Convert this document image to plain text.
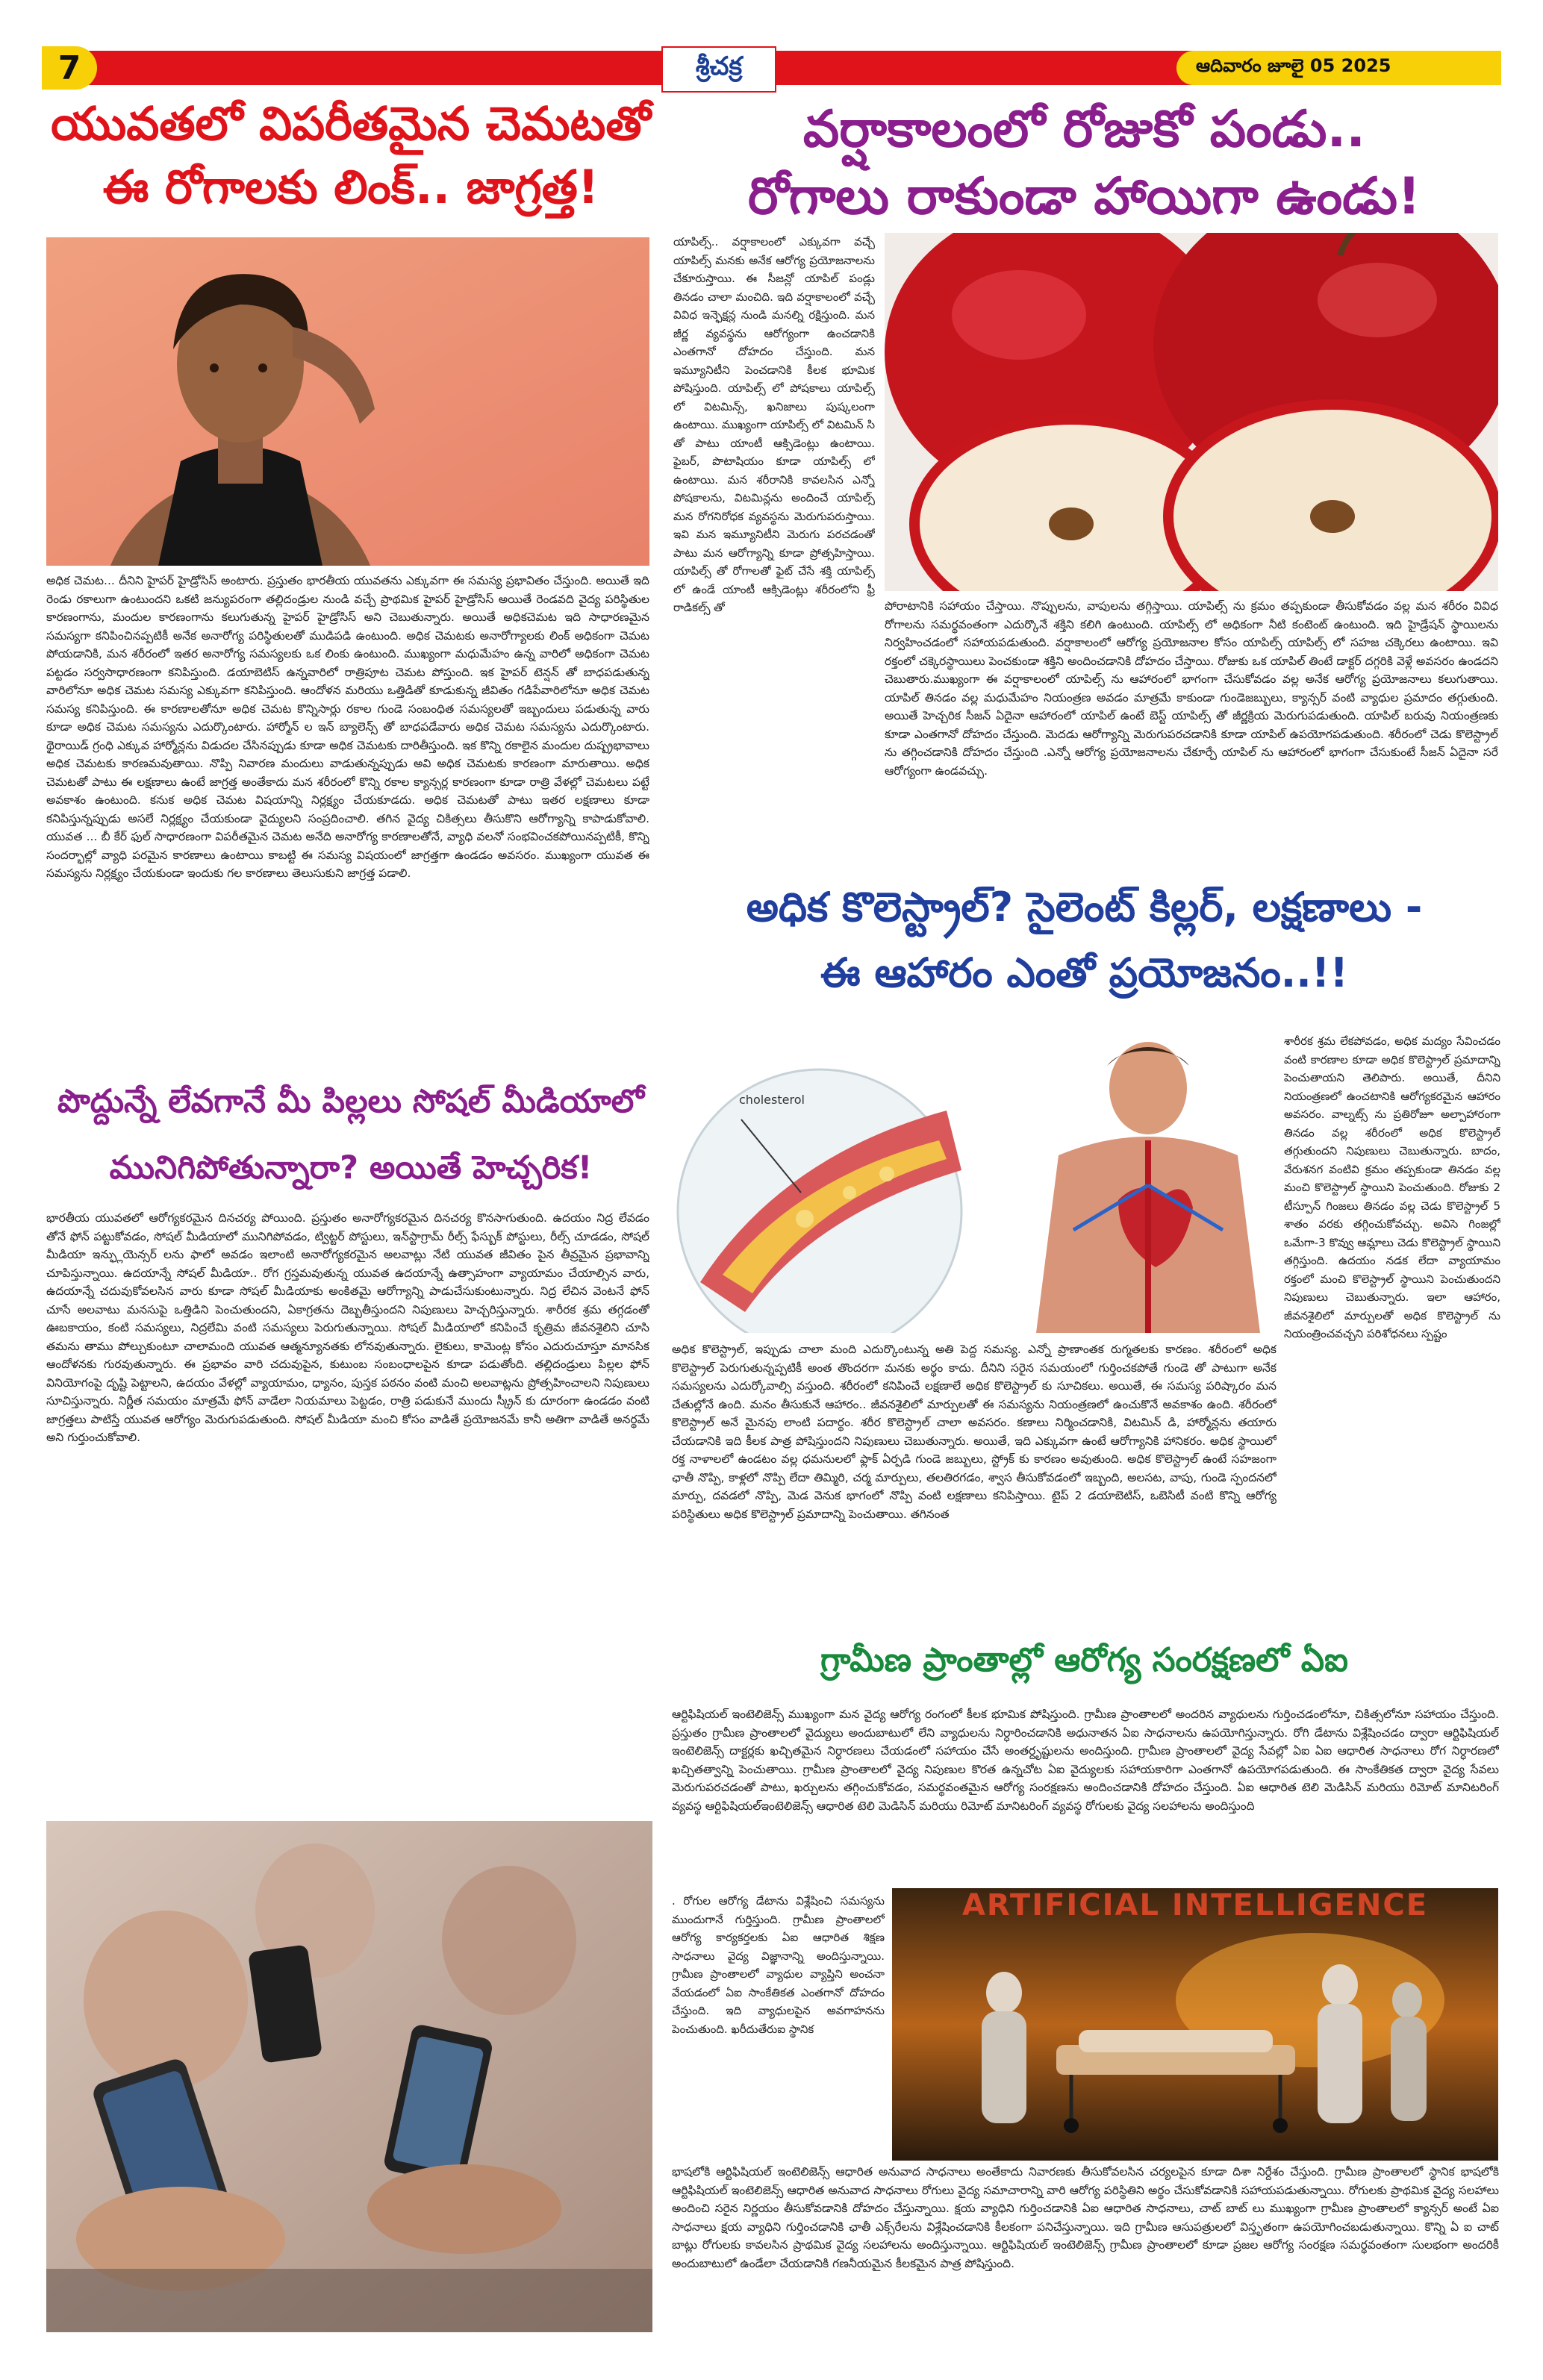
7	శ్రీచక్ర	ఆదివారం జూలై 05 2025

యువతలో విపరీతమైన చెమటతో

ఈ రోగాలకు లింక్.. జాగ్రత్త!

అధిక చెమట... దీనిని హైపర్ హైడ్రోసిస్ అంటారు. ప్రస్తుతం భారతీయ యువతను ఎక్కువగా ఈ సమస్య ప్రభావితం చేస్తుంది. అయితే ఇది రెండు రకాలుగా ఉంటుందని ఒకటి జన్యుపరంగా తల్లిదండ్రుల నుండి వచ్చే ప్రాథమిక హైపర్ హైడ్రోసిస్ అయితే రెండవది వైద్య పరిస్థితుల కారణంగాను, మందుల కారణంగాను కలుగుతున్న హైపర్ హైడ్రోసిస్ అని చెబుతున్నారు. అయితే అధికచెమట ఇది సాధారణమైన సమస్యగా కనిపించినప్పటికీ అనేక అనారోగ్య పరిస్థితులతో ముడిపడి ఉంటుంది. అధిక చెమటకు అనారోగ్యాలకు లింక్ అధికంగా చెమట పోయడానికి, మన శరీరంలో ఇతర అనారోగ్య సమస్యలకు ఒక లింకు ఉంటుంది. ముఖ్యంగా మధుమేహం ఉన్న వారిలో అధికంగా చెమట పట్టడం సర్వసాధారణంగా కనిపిస్తుంది. డయాబెటిస్ ఉన్నవారిలో రాత్రిపూట చెమట పోస్తుంది. ఇక హైపర్ టెన్షన్ తో బాధపడుతున్న వారిలోనూ అధిక చెమట సమస్య ఎక్కువగా కనిపిస్తుంది. ఆందోళన మరియు ఒత్తిడితో కూడుకున్న జీవితం గడిపేవారిలోనూ అధిక చెమట సమస్య కనిపిస్తుంది. ఈ కారణాలతోనూ అధిక చెమట కొన్నిసార్లు రకాల గుండె సంబంధిత సమస్యలతో ఇబ్బందులు పడుతున్న వారు కూడా అధిక చెమట సమస్యను ఎదుర్కొంటారు. హార్మోన్ ల ఇన్ బ్యాలెన్స్ తో బాధపడేవారు అధిక చెమట సమస్యను ఎదుర్కొంటారు. థైరాయిడ్ గ్రంధి ఎక్కువ హార్మోన్లను విడుదల చేసినప్పుడు కూడా అధిక చెమటకు దారితీస్తుంది. ఇక కొన్ని రకాలైన మందుల దుష్ప్రభావాలు అధిక చెమటకు కారణమవుతాయి. నొప్పి నివారణ మందులు వాడుతున్నప్పుడు అవి అధిక చెమటకు కారణంగా మారుతాయి. అధిక చెమటతో పాటు ఈ లక్షణాలు ఉంటే జాగ్రత్త అంతేకాదు మన శరీరంలో కొన్ని రకాల క్యాన్సర్ల కారణంగా కూడా రాత్రి వేళల్లో చెమటలు పట్టే అవకాశం ఉంటుంది. కనుక అధిక చెమట విషయాన్ని నిర్లక్ష్యం చేయకూడదు. అధిక చెమటతో పాటు ఇతర లక్షణాలు కూడా కనిపిస్తున్నప్పుడు అసలే నిర్లక్ష్యం చేయకుండా వైద్యులని సంప్రదించాలి. తగిన వైద్య చికిత్సలు తీసుకొని ఆరోగ్యాన్ని కాపాడుకోవాలి. యువత ... బీ కేర్ ఫుల్ సాధారణంగా విపరీతమైన చెమట అనేది అనారోగ్య కారణాలతోనే, వ్యాధి వలనో సంభవించకపోయినప్పటికీ, కొన్ని సందర్భాల్లో వ్యాధి పరమైన కారణాలు ఉంటాయి కాబట్టి ఈ సమస్య విషయంలో జాగ్రత్తగా ఉండడం అవసరం. ముఖ్యంగా యువత ఈ సమస్యను నిర్లక్ష్యం చేయకుండా ఇందుకు గల కారణాలు తెలుసుకుని జాగ్రత్త పడాలి.

పొద్దున్నే లేవగానే మీ పిల్లలు సోషల్ మీడియాలో

మునిగిపోతున్నారా? అయితే హెచ్చరిక!

భారతీయ యువతలో ఆరోగ్యకరమైన దినచర్య పోయింది. ప్రస్తుతం అనారోగ్యకరమైన దినచర్య కొనసాగుతుంది. ఉదయం నిద్ర లేవడం తోనే ఫోన్ పట్టుకోవడం, సోషల్ మీడియాలో మునిగిపోవడం, ట్విట్టర్ పోస్టులు, ఇన్‌‌స్టాగ్రామ్ రీల్స్ ఫేస్బుక్ పోస్టులు, రీల్స్ చూడడం, సోషల్ మీడియా ఇన్ఫ్లుయెన్సర్ లను ఫాలో అవడం ఇలాంటి అనారోగ్యకరమైన అలవాట్లు నేటి యువత జీవితం పైన తీవ్రమైన ప్రభావాన్ని చూపిస్తున్నాయి. ఉదయాన్నే సోషల్ మీడియా.. రోగ గ్రస్తమవుతున్న యువత ఉదయాన్నే ఉత్సాహంగా వ్యాయామం చేయాల్సిన వారు, ఉదయాన్నే చదువుకోవలసిన వారు కూడా సోషల్ మీడియాకు అంకితమై ఆరోగ్యాన్ని పాడుచేసుకుంటున్నారు. నిద్ర లేచిన వెంటనే ఫోన్ చూసే అలవాటు మనసుపై ఒత్తిడిని పెంచుతుందని, ఏకాగ్రతను దెబ్బతీస్తుందని నిపుణులు హెచ్చరిస్తున్నారు. శారీరక శ్రమ తగ్గడంతో ఊబకాయం, కంటి సమస్యలు, నిద్రలేమి వంటి సమస్యలు పెరుగుతున్నాయి. సోషల్ మీడియాలో కనిపించే కృత్రిమ జీవనశైలిని చూసి తమను తాము పోల్చుకుంటూ చాలామంది యువత ఆత్మన్యూనతకు లోనవుతున్నారు. లైకులు, కామెంట్ల కోసం ఎదురుచూస్తూ మానసిక ఆందోళనకు గురవుతున్నారు. ఈ ప్రభావం వారి చదువుపైన, కుటుంబ సంబంధాలపైన కూడా పడుతోంది. తల్లిదండ్రులు పిల్లల ఫోన్ వినియోగంపై దృష్టి పెట్టాలని, ఉదయం వేళల్లో వ్యాయామం, ధ్యానం, పుస్తక పఠనం వంటి మంచి అలవాట్లను ప్రోత్సహించాలని నిపుణులు సూచిస్తున్నారు. నిర్ణీత సమయం మాత్రమే ఫోన్ వాడేలా నియమాలు పెట్టడం, రాత్రి పడుకునే ముందు స్క్రీన్ కు దూరంగా ఉండడం వంటి జాగ్రత్తలు పాటిస్తే యువత ఆరోగ్యం మెరుగుపడుతుంది. సోషల్ మీడియా మంచి కోసం వాడితే ప్రయోజనమే కానీ అతిగా వాడితే అనర్థమే అని గుర్తుంచుకోవాలి.

వర్షాకాలంలో రోజుకో పండు..

రోగాలు రాకుండా హాయిగా ఉండు!

యాపిల్స్.. వర్షాకాలంలో ఎక్కువగా వచ్చే యాపిల్స్ మనకు అనేక ఆరోగ్య ప్రయోజనాలను చేకూరుస్తాయి. ఈ సీజన్లో యాపిల్ పండ్లు తినడం చాలా మంచిది. ఇది వర్షాకాలంలో వచ్చే వివిధ ఇన్ఫెక్షన్ల నుండి మనల్ని రక్షిస్తుంది. మన జీర్ణ వ్యవస్థను ఆరోగ్యంగా ఉంచడానికి ఎంతగానో దోహదం చేస్తుంది. మన ఇమ్యూనిటీని పెంచడానికి కీలక భూమిక పోషిస్తుంది. యాపిల్స్ లో పోషకాలు యాపిల్స్ లో విటమిన్స్, ఖనిజాలు పుష్కలంగా ఉంటాయి. ముఖ్యంగా యాపిల్స్ లో విటమిన్ సి తో పాటు యాంటీ ఆక్సిడెంట్లు ఉంటాయి. ఫైబర్, పొటాషియం కూడా యాపిల్స్ లో ఉంటాయి. మన శరీరానికి కావలసిన ఎన్నో పోషకాలను, విటమిన్లను అందించే యాపిల్స్ మన రోగనిరోధక వ్యవస్థను మెరుగుపరుస్తాయి. ఇవి మన ఇమ్యూనిటీని మెరుగు పరచడంతో పాటు మన ఆరోగ్యాన్ని కూడా ప్రోత్సహిస్తాయి. యాపిల్స్ తో రోగాలతో ఫైట్ చేసే శక్తి యాపిల్స్ లో ఉండే యాంటీ ఆక్సిడెంట్లు శరీరంలోని ఫ్రీ రాడికల్స్ తో	పోరాటానికి సహాయం చేస్తాయి. నొప్పులను, వాపులను తగ్గిస్తాయి. యాపిల్స్ ను క్రమం తప్పకుండా తీసుకోవడం వల్ల మన శరీరం వివిధ రోగాలను సమర్థవంతంగా ఎదుర్కొనే శక్తిని కలిగి ఉంటుంది. యాపిల్స్ లో అధికంగా నీటి కంటెంట్ ఉంటుంది. ఇది హైడ్రేషన్ స్థాయిలను నిర్వహించడంలో సహాయపడుతుంది. వర్షాకాలంలో ఆరోగ్య ప్రయోజనాల కోసం యాపిల్స్ యాపిల్స్ లో సహజ చక్కెరలు ఉంటాయి. ఇవి రక్తంలో చక్కెరస్థాయిలు పెంచకుండా శక్తిని అందించడానికి దోహదం చేస్తాయి. రోజుకు ఒక యాపిల్ తింటే డాక్టర్ దగ్గరికి వెళ్లే అవసరం ఉండదని చెబుతారు.ముఖ్యంగా ఈ వర్షాకాలంలో యాపిల్స్ ను ఆహారంలో భాగంగా చేసుకోవడం వల్ల అనేక ఆరోగ్య ప్రయోజనాలు కలుగుతాయి. యాపిల్ తినడం వల్ల మధుమేహం నియంత్రణ అవడం మాత్రమే కాకుండా గుండెజబ్బులు, క్యాన్సర్ వంటి వ్యాధుల ప్రమాదం తగ్గుతుంది. అయితే హెచ్చరిక సీజన్ ఏదైనా ఆహారంలో యాపిల్ ఉంటే బెస్ట్ యాపిల్స్ తో జీర్ణక్రియ మెరుగుపడుతుంది. యాపిల్ బరువు నియంత్రణకు కూడా ఎంతగానో దోహదం చేస్తుంది. మెదడు ఆరోగ్యాన్ని మెరుగుపరచడానికి కూడా యాపిల్ ఉపయోగపడుతుంది. శరీరంలో చెడు కొలెస్ట్రాల్ ను తగ్గించడానికి దోహదం చేస్తుంది .ఎన్నో ఆరోగ్య ప్రయోజనాలను చేకూర్చే యాపిల్ ను ఆహారంలో భాగంగా చేసుకుంటే సీజన్ ఏదైనా సరే ఆరోగ్యంగా ఉండవచ్చు.

అధిక కొలెస్ట్రాల్? సైలెంట్ కిల్లర్, లక్షణాలు -

ఈ ఆహారం ఎంతో ప్రయోజనం..!!

cholesterol

శారీరక శ్రమ లేకపోవడం, అధిక మద్యం సేవించడం వంటి కారణాల కూడా అధిక కొలెస్ట్రాల్ ప్రమాదాన్ని పెంచుతాయని తెలిపారు. అయితే, దీనిని నియంత్రణలో ఉంచటానికి ఆరోగ్యకరమైన ఆహారం అవసరం. వాల్నట్స్ ను ప్రతిరోజూ అల్పాహారంగా తినడం వల్ల శరీరంలో అధిక కొలెస్ట్రాల్ తగ్గుతుందని నిపుణులు చెబుతున్నారు. బాదం, వేరుశనగ వంటివి క్రమం తప్పకుండా తినడం వల్ల మంచి కొలెస్ట్రాల్ స్థాయిని పెంచుతుంది. రోజుకు 2 టీస్పూన్ గింజలు తినడం వల్ల చెడు కొలెస్ట్రాల్ 5 శాతం వరకు తగ్గించుకోవచ్చు. అవిసె గింజల్లో ఒమేగా-3 కొవ్వు ఆమ్లాలు చెడు కొలెస్ట్రాల్ స్థాయిని తగ్గిస్తుంది. ఉదయం నడక లేదా వ్యాయామం రక్తంలో మంచి కొలెస్ట్రాల్ స్థాయిని పెంచుతుందని నిపుణులు చెబుతున్నారు. ఇలా ఆహారం, జీవనశైలిలో మార్పులతో అధిక కొలెస్ట్రాల్ ను నియంత్రించవచ్చని పరిశోధనలు స్పష్టం

అధిక కొలెస్ట్రాల్, ఇప్పుడు చాలా మంది ఎదుర్కొంటున్న అతి పెద్ద సమస్య. ఎన్నో ప్రాణాంతక రుగ్మతలకు కారణం. శరీరంలో అధిక కొలెస్ట్రాల్ పెరుగుతున్నప్పటికీ అంత తొందరగా మనకు అర్థం కాదు. దీనిని సరైన సమయంలో గుర్తించకపోతే గుండె తో పాటుగా అనేక సమస్యలను ఎదుర్కోవాల్సి వస్తుంది. శరీరంలో కనిపించే లక్షణాలే అధిక కొలెస్ట్రాల్ కు సూచికలు. అయితే, ఈ సమస్య పరిష్కారం మన చేతుల్లోనే ఉంది. మనం తీసుకునే ఆహారం.. జీవనశైలిలో మార్పులతో ఈ సమస్యను నియంత్రణలో ఉంచుకొనే అవకాశం ఉంది. శరీరంలో కొలెస్ట్రాల్ అనే మైనపు లాంటి పదార్థం. శరీర కొలెస్ట్రాల్ చాలా అవసరం. కణాలు నిర్మించడానికి, విటమిన్ డి, హార్మోన్లను తయారు చేయడానికి ఇది కీలక పాత్ర పోషిస్తుందని నిపుణులు చెబుతున్నారు. అయితే, ఇది ఎక్కువగా ఉంటే ఆరోగ్యానికి హానికరం. అధిక స్థాయిలో రక్త నాళాలలో ఉండటం వల్ల ధమనులలో ఫ్లాక్ ఏర్పడి గుండె జబ్బులు, స్ట్రోక్ కు కారణం అవుతుంది. అధిక కొలెస్ట్రాల్ ఉంటే సహజంగా ఛాతీ నొప్పి, కాళ్లలో నొప్పి లేదా తిమ్మిరి, చర్మ మార్పులు, తలతిరగడం, శ్వాస తీసుకోవడంలో ఇబ్బంది, అలసట, వాపు, గుండె స్పందనలో మార్పు, దవడలో నొప్పి, మెడ వెనుక భాగంలో నొప్పి వంటి లక్షణాలు కనిపిస్తాయి. టైప్ 2 డయాబెటిస్, ఒబెసిటీ వంటి కొన్ని ఆరోగ్య పరిస్థితులు అధిక కొలెస్ట్రాల్ ప్రమాదాన్ని పెంచుతాయి. తగినంత

గ్రామీణ ప్రాంతాల్లో ఆరోగ్య సంరక్షణలో ఏఐ

ఆర్టిఫిషియల్ ఇంటెలిజెన్స్ ముఖ్యంగా మన వైద్య ఆరోగ్య రంగంలో కీలక భూమిక పోషిస్తుంది. గ్రామీణ ప్రాంతాలలో అందరిన వ్యాధులను గుర్తించడంలోనూ, చికిత్సలోనూ సహాయం చేస్తుంది. ప్రస్తుతం గ్రామీణ ప్రాంతాలలో వైద్యులు అందుబాటులో లేని వ్యాధులను నిర్ధారించడానికి అధునాతన ఏఐ సాధనాలను ఉపయోగిస్తున్నారు. రోగి డేటాను విశ్లేషించడం ద్వారా ఆర్టిఫిషియల్ ఇంటెలిజెన్స్ దాక్టర్లకు ఖచ్చితమైన నిర్ధారణలు చేయడంలో సహాయం చేసే అంతర్దృష్టులను అందిస్తుంది. గ్రామీణ ప్రాంతాలలో వైద్య సేవల్లో ఏఐ ఏఐ ఆధారిత సాధనాలు రోగ నిర్ధారణలో ఖచ్చితత్వాన్ని పెంచుతాయి. గ్రామీణ ప్రాంతాలలో వైద్య నిపుణుల కొరత ఉన్నచోట ఏఐ వైద్యులకు సహాయకారిగా ఎంతగానో ఉపయోగపడుతుంది. ఈ సాంకేతికత ద్వారా వైద్య సేవలు మెరుగుపరచడంతో పాటు, ఖర్చులను తగ్గించుకోవడం, సమర్థవంతమైన ఆరోగ్య సంరక్షణను అందించడానికి దోహదం చేస్తుంది. ఏఐ ఆధారిత టెలి మెడిసిన్ మరియు రిమోట్ మానిటరింగ్ వ్యవస్థ ఆర్టిఫిషియల్ఇంటెలిజెన్స్ ఆధారిత టెలి మెడిసిన్ మరియు రిమోట్ మానిటరింగ్ వ్యవస్థ రోగులకు వైద్య సలహాలను అందిస్తుంది

. రోగుల ఆరోగ్య డేటాను విశ్లేషించి సమస్యను ముందుగానే గుర్తిస్తుంది. గ్రామీణ ప్రాంతాలలో ఆరోగ్య కార్యకర్తలకు ఏఐ ఆధారిత శిక్షణ సాధనాలు వైద్య విజ్ఞానాన్ని అందిస్తున్నాయి. గ్రామీణ ప్రాంతాలలో వ్యాధుల వ్యాప్తిని అంచనా వేయడంలో ఏఐ సాంకేతికత ఎంతగానో దోహదం చేస్తుంది. ఇది వ్యాధులపైన అవగాహనను పెంచుతుంది. ఖరీదుతేరుఐ స్థానిక

ARTIFICIAL INTELLIGENCE

భాషలోకి ఆర్టిఫిషియల్ ఇంటెలిజెన్స్ ఆధారిత అనువాద సాధనాలు అంతేకాదు నివారణకు తీసుకోవలసిన చర్యలపైన కూడా దిశా నిర్దేశం చేస్తుంది. గ్రామీణ ప్రాంతాలలో స్థానిక భాషలోకి ఆర్టిఫిషియల్ ఇంటెలిజెన్స్ ఆధారిత అనువాద సాధనాలు రోగులు వైద్య సమాచారాన్ని వారి ఆరోగ్య పరిస్థితిని అర్థం చేసుకోవడానికి సహాయపడుతున్నాయి. రోగులకు ప్రాథమిక వైద్య సలహాలు అందించి సరైన నిర్ణయం తీసుకోవడానికి దోహదం చేస్తున్నాయి. క్షయ వ్యాధిని గుర్తించడానికి ఏఐ ఆధారిత సాధనాలు, చాట్ బాట్ లు ముఖ్యంగా గ్రామీణ ప్రాంతాలలో క్యాన్సర్ అంటే ఏఐ సాధనాలు క్షయ వ్యాధిని గుర్తించడానికి ఛాతీ ఎక్స్‌రేలను విశ్లేషించడానికి కీలకంగా పనిచేస్తున్నాయి. ఇది గ్రామీణ ఆసుపత్రులలో విస్తృతంగా ఉపయోగించబడుతున్నాయి. కొన్ని ఏ ఐ చాట్ బాట్లు రోగులకు కావలసిన ప్రాథమిక వైద్య సలహాలను అందిస్తున్నాయి. ఆర్టిఫిషియల్ ఇంటెలిజెన్స్ గ్రామీణ ప్రాంతాలలో కూడా ప్రజల ఆరోగ్య సంరక్షణ సమర్థవంతంగా సులభంగా అందరికీ అందుబాటులో ఉండేలా చేయడానికి గణనీయమైన కీలకమైన పాత్ర పోషిస్తుంది.
